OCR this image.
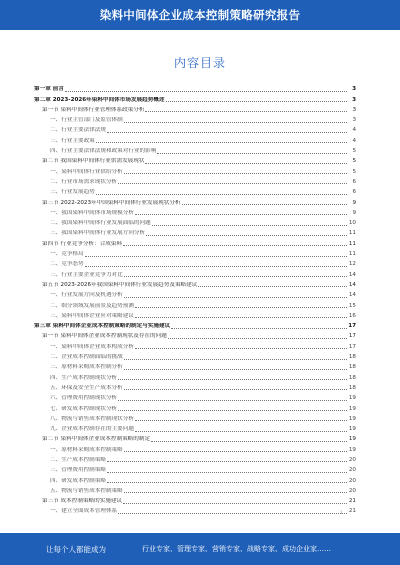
染料中间体企业成本控制策略研究报告
内容目录
第一章 前言	3
第二章 2023-2026年染料中间体市场发展趋势概述	3
第一节 染料中间体行业管理体系政策分析	3
一、行业主管部门及监管体制	3
二、行业主要法律法规	4
三、行业主要政策	4
四、行业主要法律法规和政策对行业的影响	5
第二节 我国染料中间体行业供需发展现状	5
一、染料中间体行业供给分析	5
二、行业市场需求现状分析	6
三、行业发展趋势	6
第三节 2022-2023年中国染料中间体行业发展现状分析	9
一、我国染料中间体市场规模分析	9
二、我国染料中间体行业发展面临的问题	10
三、我国染料中间体行业发展方向分析	11
第四节 行业竞争分析：合成染料	11
一、竞争格局	11
二、竞争态势	12
三、行业主要企业竞争力对比	14
第五节 2023-2026年我国染料中间体行业发展趋势及策略建议	14
一、行业发展方向及机遇分析	14
二、细分领域发展前景及趋势预测	15
三、染料中间体企业应对策略建议	16
第三章 染料中间体企业成本控制策略的制定与实施建议	17
第一节 染料中间体企业成本控制现状及存在的问题	17
一、染料中间体企业成本构成分析	17
二、企业成本控制面临的挑战	18
三、原材料采购成本控制分析	18
四、生产成本控制现状分析	18
五、环保及安全生产成本分析	18
六、管理费用控制现状分析	19
七、研发成本控制现状分析	19
八、物流与销售成本控制现状分析	19
九、企业成本控制存在的主要问题	19
第二节 染料中间体企业成本控制策略的制定	19
一、原材料采购成本控制策略	19
二、生产成本控制策略	20
三、管理费用控制策略	20
四、研发成本控制策略	20
五、物流与销售成本控制策略	20
第三节 成本控制策略的实施建议	21
一、建立全面成本管理体系	21
1
让每个人都能成为	行业专家、管理专家、营销专家、战略专家、成功企业家……
